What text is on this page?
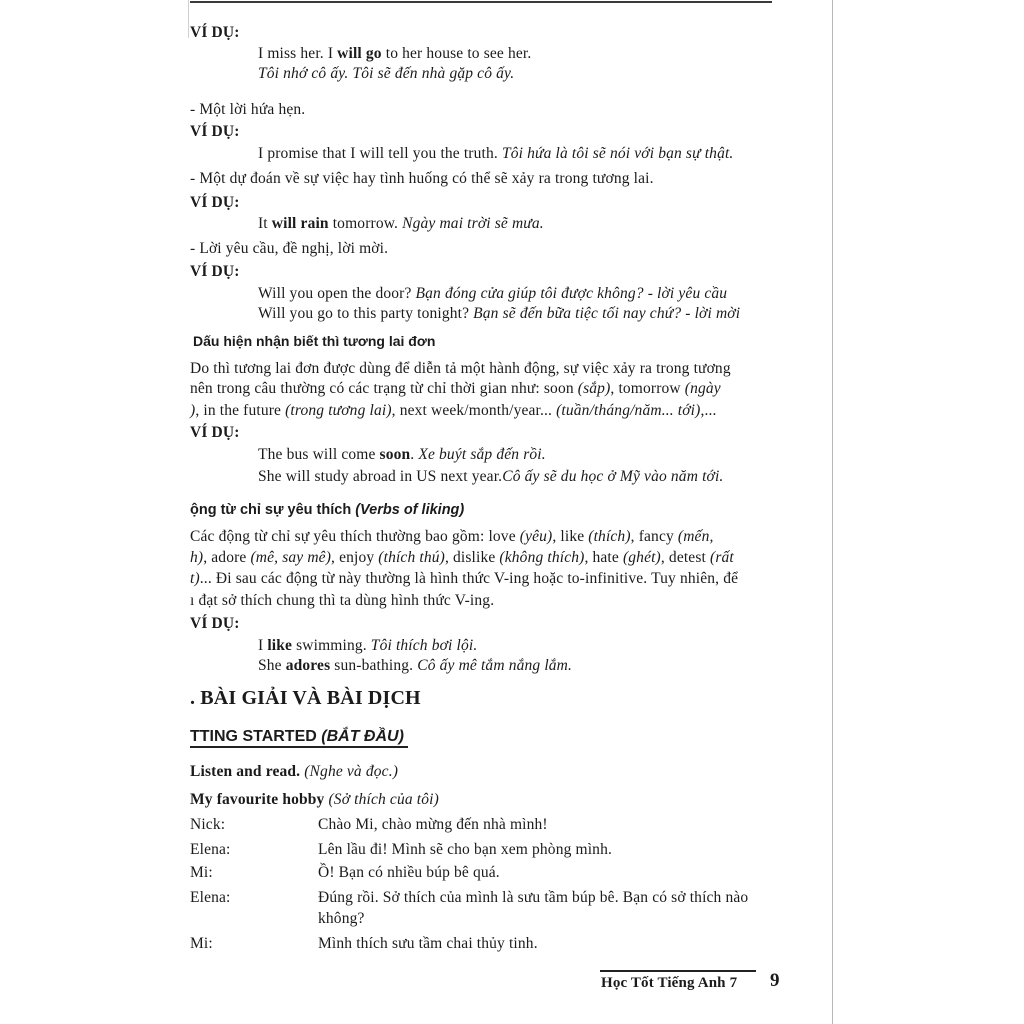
VÍ DỤ:
I miss her. I will go to her house to see her.
Tôi nhớ cô ấy. Tôi sẽ đến nhà gặp cô ấy.
- Một lời hứa hẹn.
VÍ DỤ:
I promise that I will tell you the truth. Tôi hứa là tôi sẽ nói với bạn sự thật.
- Một dự đoán về sự việc hay tình huống có thể sẽ xảy ra trong tương lai.
VÍ DỤ:
It will rain tomorrow. Ngày mai trời sẽ mưa.
- Lời yêu cầu, đề nghị, lời mời.
VÍ DỤ:
Will you open the door? Bạn đóng cửa giúp tôi được không? - lời yêu cầu
Will you go to this party tonight? Bạn sẽ đến bữa tiệc tối nay chứ? - lời mời
Dấu hiện nhận biết thì tương lai đơn
Do thì tương lai đơn được dùng để diễn tả một hành động, sự việc xảy ra trong tương
nên trong câu thường có các trạng từ chỉ thời gian như: soon (sắp), tomorrow (ngày
), in the future (trong tương lai), next week/month/year... (tuần/tháng/năm... tới),...
VÍ DỤ:
The bus will come soon. Xe buýt sắp đến rồi.
She will study abroad in US next year.Cô ấy sẽ du học ở Mỹ vào năm tới.
ộng từ chỉ sự yêu thích (Verbs of liking)
Các động từ chỉ sự yêu thích thường bao gồm: love (yêu), like (thích), fancy (mến,
h), adore (mê, say mê), enjoy (thích thú), dislike (không thích), hate (ghét), detest (rất
t)... Đi sau các động từ này thường là hình thức V-ing hoặc to-infinitive. Tuy nhiên, để
ı đạt sở thích chung thì ta dùng hình thức V-ing.
VÍ DỤ:
I like swimming. Tôi thích bơi lội.
She adores sun-bathing. Cô ấy mê tắm nắng lắm.
. BÀI GIẢI VÀ BÀI DỊCH
TTING STARTED (BẮT ĐẦU)
Listen and read. (Nghe và đọc.)
My favourite hobby (Sở thích của tôi)
Nick:	Chào Mi, chào mừng đến nhà mình!
Elena:	Lên lầu đi! Mình sẽ cho bạn xem phòng mình.
Mi:	Ồ! Bạn có nhiều búp bê quá.
Elena:	Đúng rồi. Sở thích của mình là sưu tầm búp bê. Bạn có sở thích nào
không?
Mi:	Mình thích sưu tầm chai thủy tinh.
Học Tốt Tiếng Anh 7 9
